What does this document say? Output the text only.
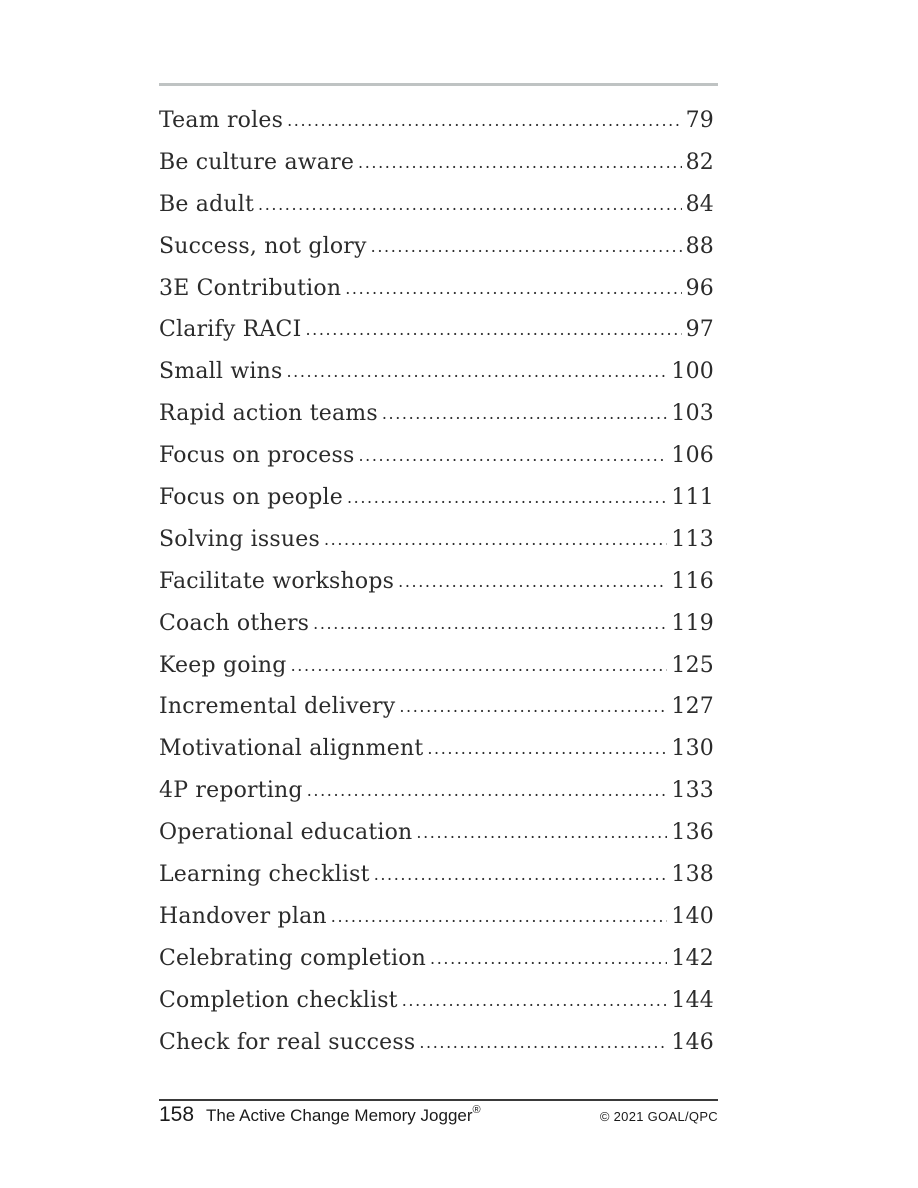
Team roles .....	79
Be culture aware .....	82
Be adult .....	84
Success, not glory .....	88
3E Contribution .....	96
Clarify RACI .....	97
Small wins .....	100
Rapid action teams .....	103
Focus on process .....	106
Focus on people .....	111
Solving issues .....	113
Facilitate workshops .....	116
Coach others .....	119
Keep going .....	125
Incremental delivery .....	127
Motivational alignment .....	130
4P reporting .....	133
Operational education .....	136
Learning checklist .....	138
Handover plan .....	140
Celebrating completion .....	142
Completion checklist .....	144
Check for real success .....	146
158 The Active Change Memory Jogger®	© 2021 GOAL/QPC
